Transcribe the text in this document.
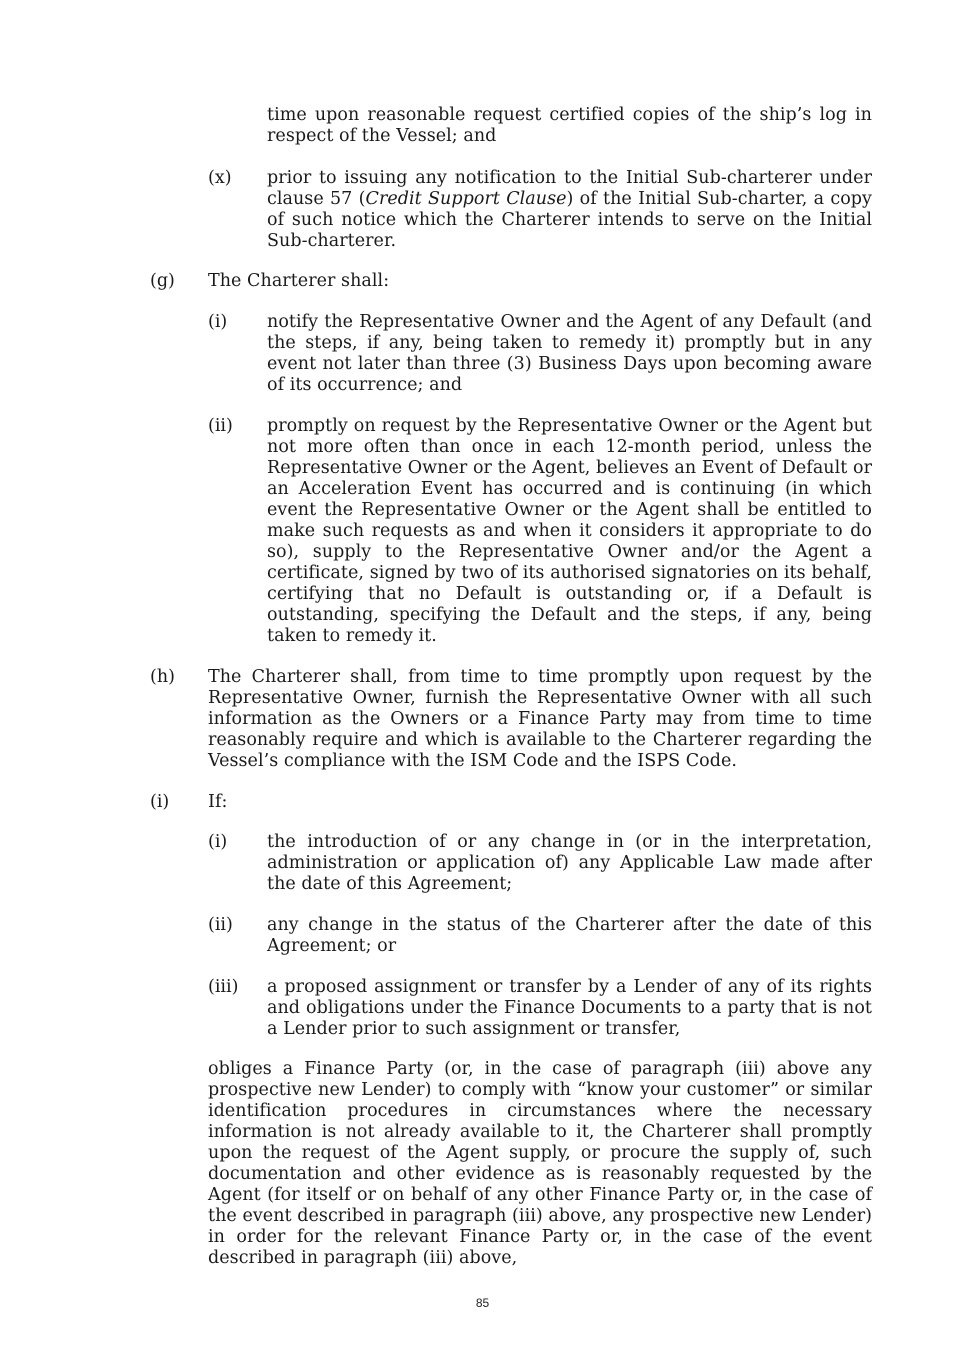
time upon reasonable request certified copies of the ship’s log in respect of the Vessel; and
(x) prior to issuing any notification to the Initial Sub-charterer under clause 57 (Credit Support Clause) of the Initial Sub-charter, a copy of such notice which the Charterer intends to serve on the Initial Sub-charterer.
(g) The Charterer shall:
(i) notify the Representative Owner and the Agent of any Default (and the steps, if any, being taken to remedy it) promptly but in any event not later than three (3) Business Days upon becoming aware of its occurrence; and
(ii) promptly on request by the Representative Owner or the Agent but not more often than once in each 12-month period, unless the Representative Owner or the Agent, believes an Event of Default or an Acceleration Event has occurred and is continuing (in which event the Representative Owner or the Agent shall be entitled to make such requests as and when it considers it appropriate to do so), supply to the Representative Owner and/or the Agent a certificate, signed by two of its authorised signatories on its behalf, certifying that no Default is outstanding or, if a Default is outstanding, specifying the Default and the steps, if any, being taken to remedy it.
(h) The Charterer shall, from time to time promptly upon request by the Representative Owner, furnish the Representative Owner with all such information as the Owners or a Finance Party may from time to time reasonably require and which is available to the Charterer regarding the Vessel’s compliance with the ISM Code and the ISPS Code.
(i) If:
(i) the introduction of or any change in (or in the interpretation, administration or application of) any Applicable Law made after the date of this Agreement;
(ii) any change in the status of the Charterer after the date of this Agreement; or
(iii) a proposed assignment or transfer by a Lender of any of its rights and obligations under the Finance Documents to a party that is not a Lender prior to such assignment or transfer,
obliges a Finance Party (or, in the case of paragraph (iii) above any prospective new Lender) to comply with “know your customer” or similar identification procedures in circumstances where the necessary information is not already available to it, the Charterer shall promptly upon the request of the Agent supply, or procure the supply of, such documentation and other evidence as is reasonably requested by the Agent (for itself or on behalf of any other Finance Party or, in the case of the event described in paragraph (iii) above, any prospective new Lender) in order for the relevant Finance Party or, in the case of the event described in paragraph (iii) above,
85
